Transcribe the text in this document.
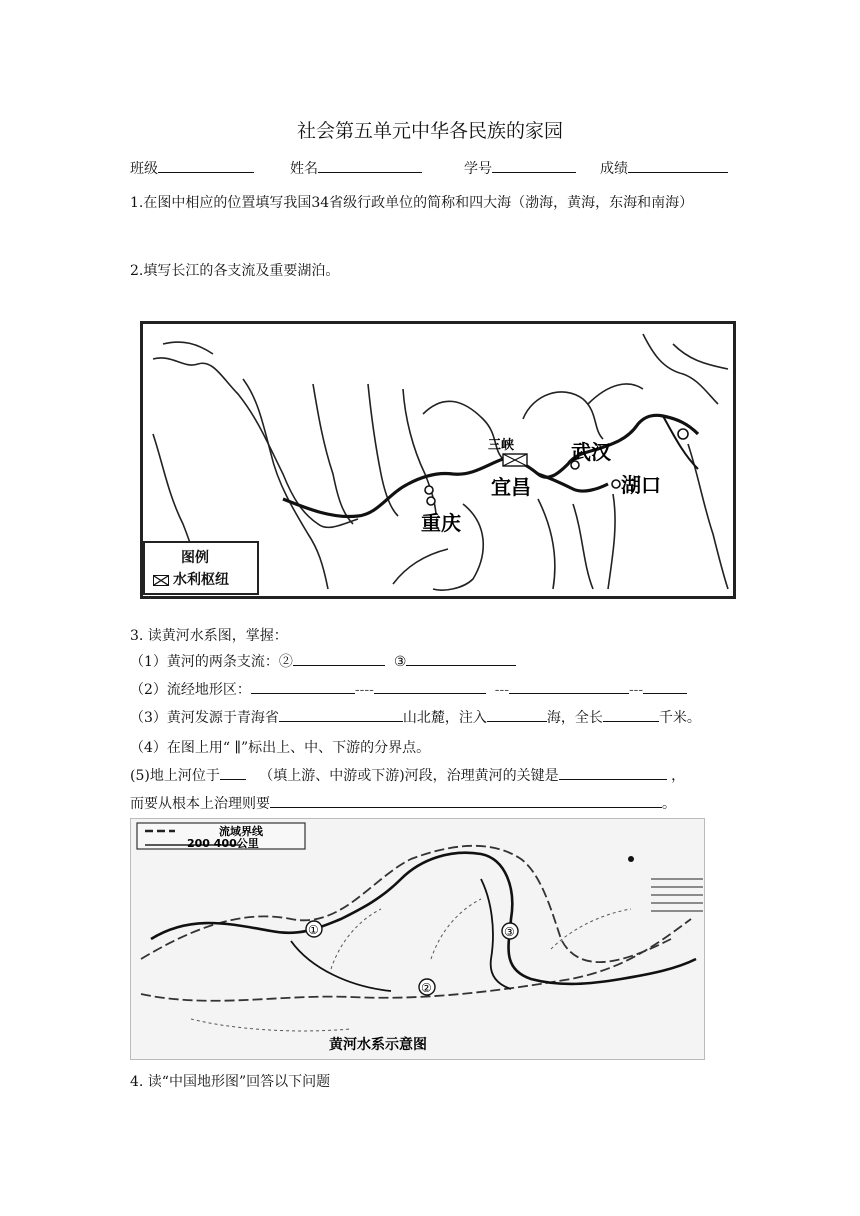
社会第五单元中华各民族的家园
班级	姓名	学号	成绩
1.在图中相应的位置填写我国34省级行政单位的简称和四大海（渤海，黄海，东海和南海）
2.填写长江的各支流及重要湖泊。
三峡	武汉
宜昌	湖口
重庆
图例
水利枢纽
3. 读黄河水系图，掌握：
（1）黄河的两条支流：②	③
（2）流经地形区：	----	---	---
（3）黄河发源于青海省	山北麓，注入	海，全长	千米。
（4）在图上用“ ∥”标出上、中、下游的分界点。
(5)地上河位于	（填上游、中游或下游)河段，治理黄河的关键是	，
而要从根本上治理则要	。
流域界线
200 400公里
①
②
③
黄河水系示意图
4. 读“中国地形图”回答以下问题
